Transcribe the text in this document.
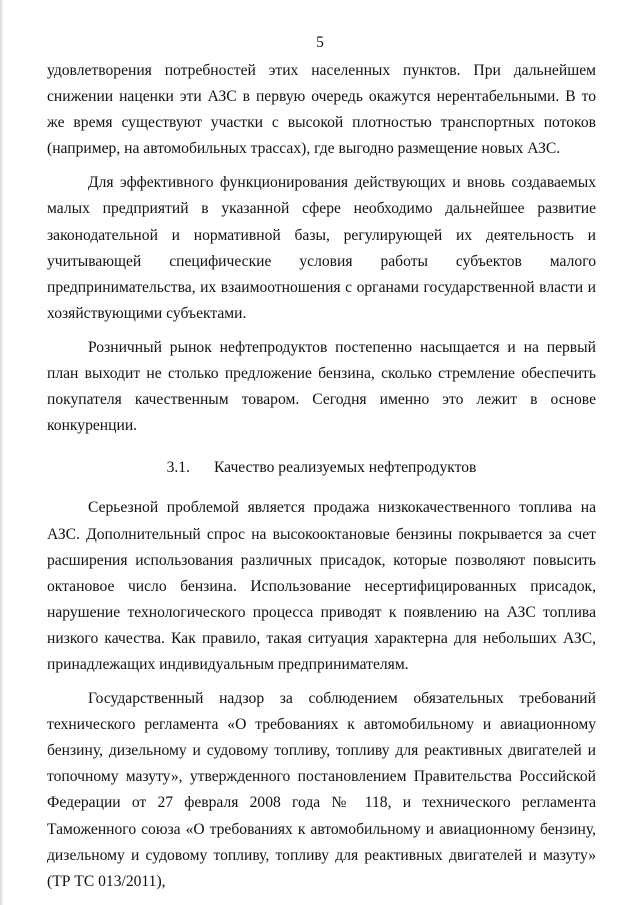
5

удовлетворения потребностей этих населенных пунктов. При дальнейшем снижении наценки эти АЗС в первую очередь окажутся нерентабельными. В то же время существуют участки с высокой плотностью транспортных потоков (например, на автомобильных трассах), где выгодно размещение новых АЗС.

Для эффективного функционирования действующих и вновь создаваемых малых предприятий в указанной сфере необходимо дальнейшее развитие законодательной и нормативной базы, регулирующей их деятельность и учитывающей специфические условия работы субъектов малого предпринимательства, их взаимоотношения с органами государственной власти и хозяйствующими субъектами.

Розничный рынок нефтепродуктов постепенно насыщается и на первый план выходит не столько предложение бензина, сколько стремление обеспечить покупателя качественным товаром. Сегодня именно это лежит в основе конкуренции.

3.1. Качество реализуемых нефтепродуктов

Серьезной проблемой является продажа низкокачественного топлива на АЗС. Дополнительный спрос на высокооктановые бензины покрывается за счет расширения использования различных присадок, которые позволяют повысить октановое число бензина. Использование несертифицированных присадок, нарушение технологического процесса приводят к появлению на АЗС топлива низкого качества. Как правило, такая ситуация характерна для небольших АЗС, принадлежащих индивидуальным предпринимателям.

Государственный надзор за соблюдением обязательных требований технического регламента «О требованиях к автомобильному и авиационному бензину, дизельному и судовому топливу, топливу для реактивных двигателей и топочному мазуту», утвержденного постановлением Правительства Российской Федерации от 27 февраля 2008 года № 118, и технического регламента Таможенного союза «О требованиях к автомобильному и авиационному бензину, дизельному и судовому топливу, топливу для реактивных двигателей и мазуту» (ТР ТС 013/2011),
